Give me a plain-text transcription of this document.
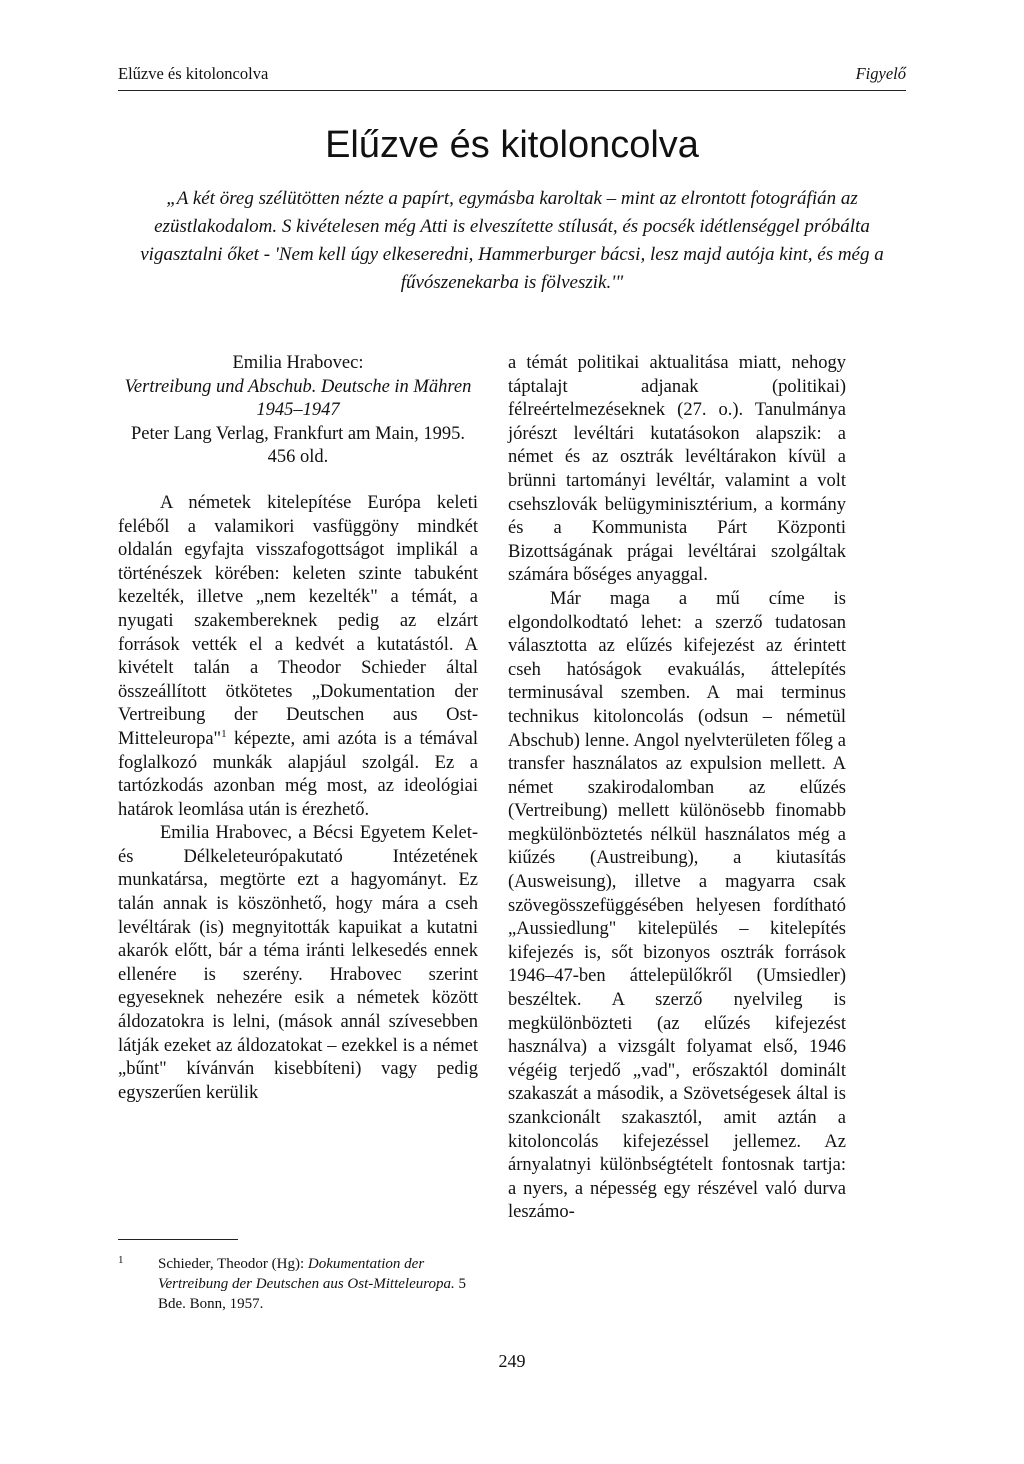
Elűzve és kitoloncolva	Figyelő
Elűzve és kitoloncolva

„A két öreg szélütötten nézte a papírt, egymásba karoltak – mint az elrontott fotográfián az ezüstlakodalom. S kivételesen még Atti is elveszítette stílusát, és pocsék idétlenséggel próbálta vigasztalni őket - 'Nem kell úgy elkeseredni, Hammerburger bácsi, lesz majd autója kint, és még a fűvószenekarba is fölveszik.'"

Emilia Hrabovec:
Vertreibung und Abschub. Deutsche in Mähren 1945–1947
Peter Lang Verlag, Frankfurt am Main, 1995. 456 old.

A németek kitelepítése Európa keleti feléből a valamikori vasfüggöny mindkét oldalán egyfajta visszafogottságot implikál a történészek körében: keleten szinte tabuként kezelték, illetve „nem kezelték" a témát, a nyugati szakembereknek pedig az elzárt források vették el a kedvét a kutatástól. A kivételt talán a Theodor Schieder által összeállított ötkötetes „Dokumentation der Vertreibung der Deutschen aus Ost-Mitteleuropa"$^1$ képezte, ami azóta is a témával foglalkozó munkák alapjául szolgál. Ez a tartózkodás azonban még most, az ideológiai határok leomlása után is érezhető.

Emilia Hrabovec, a Bécsi Egyetem Kelet- és Délkeleteurópakutató Intézetének munkatársa, megtörte ezt a hagyományt. Ez talán annak is köszönhető, hogy mára a cseh levéltárak (is) megnyitották kapuikat a kutatni akarók előtt, bár a téma iránti lelkesedés ennek ellenére is szerény. Hrabovec szerint egyeseknek nehezére esik a németek között áldozatokra is lelni, (mások annál szívesebben látják ezeket az áldozatokat – ezekkel is a német „bűnt" kívánván kisebbíteni) vagy pedig egyszerűen kerülik

a témát politikai aktualitása miatt, nehogy táptalajt adjanak (politikai) félreértelmezéseknek (27. o.). Tanulmánya jórészt levéltári kutatásokon alapszik: a német és az osztrák levéltárakon kívül a brünni tartományi levéltár, valamint a volt csehszlovák belügyminisztérium, a kormány és a Kommunista Párt Központi Bizottságának prágai levéltárai szolgáltak számára bőséges anyaggal.

Már maga a mű címe is elgondolkodtató lehet: a szerző tudatosan választotta az elűzés kifejezést az érintett cseh hatóságok evakuálás, áttelepítés terminusával szemben. A mai terminus technikus kitoloncolás (odsun – németül Abschub) lenne. Angol nyelvterületen főleg a transfer használatos az expulsion mellett. A német szakirodalomban az elűzés (Vertreibung) mellett különösebb finomabb megkülönböztetés nélkül használatos még a kiűzés (Austreibung), a kiutasítás (Ausweisung), illetve a magyarra csak szövegösszefüggésében helyesen fordítható „Aussiedlung" kitelepülés – kitelepítés kifejezés is, sőt bizonyos osztrák források 1946–47-ben áttelepülőkről (Umsiedler) beszéltek. A szerző nyelvileg is megkülönbözteti (az elűzés kifejezést használva) a vizsgált folyamat első, 1946 végéig terjedő „vad", erőszaktól dominált szakaszát a második, a Szövetségesek által is szankcionált szakasztól, amit aztán a kitoloncolás kifejezéssel jellemez. Az árnyalatnyi különbségtételt fontosnak tartja: a nyers, a népesség egy részével való durva leszámo-

1	Schieder, Theodor (Hg): Dokumentation der Vertreibung der Deutschen aus Ost-Mitteleuropa. 5 Bde. Bonn, 1957.
249
